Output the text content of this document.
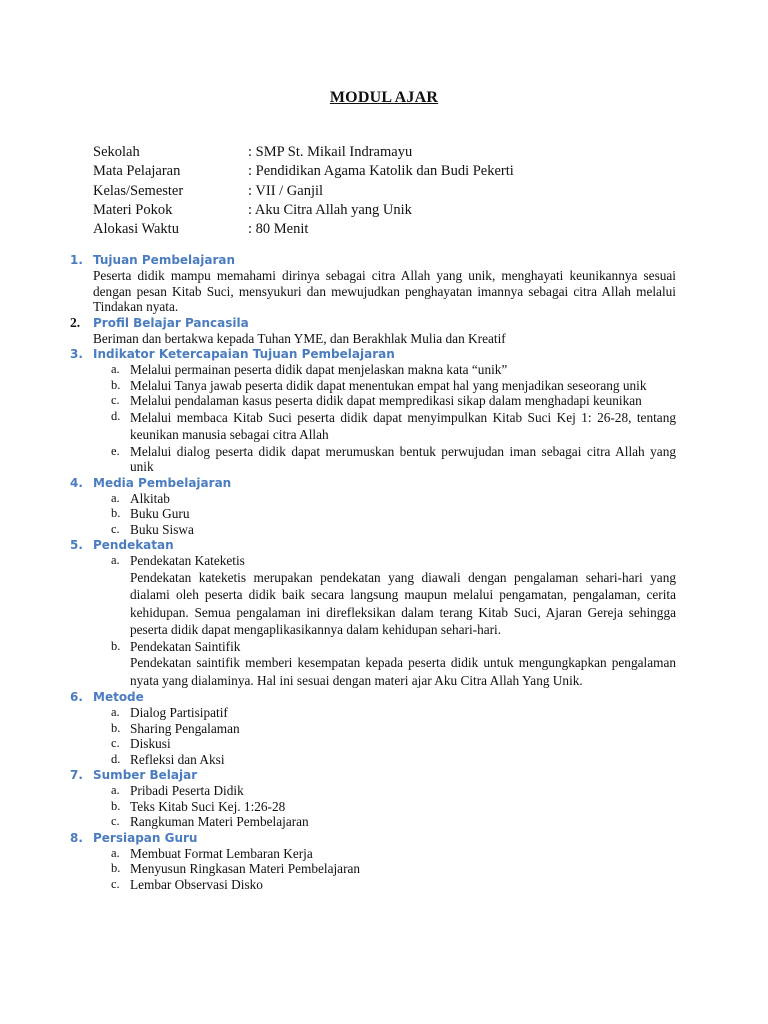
MODUL AJAR
Sekolah	: SMP St. Mikail Indramayu
Mata Pelajaran	: Pendidikan Agama Katolik dan Budi Pekerti
Kelas/Semester	: VII / Ganjil
Materi Pokok	: Aku Citra Allah yang Unik
Alokasi Waktu	: 80 Menit
1. Tujuan Pembelajaran
Peserta didik mampu memahami dirinya sebagai citra Allah yang unik, menghayati keunikannya sesuai dengan pesan Kitab Suci, mensyukuri dan mewujudkan penghayatan imannya sebagai citra Allah melalui Tindakan nyata.
2. Profil Belajar Pancasila
Beriman dan bertakwa kepada Tuhan YME, dan Berakhlak Mulia dan Kreatif
3. Indikator Ketercapaian Tujuan Pembelajaran
a. Melalui permainan peserta didik dapat menjelaskan makna kata “unik”
b. Melalui Tanya jawab peserta didik dapat menentukan empat hal yang menjadikan seseorang unik
c. Melalui pendalaman kasus peserta didik dapat mempredikasi sikap dalam menghadapi keunikan
d. Melalui membaca Kitab Suci peserta didik dapat menyimpulkan Kitab Suci Kej 1: 26-28, tentang keunikan manusia sebagai citra Allah
e. Melalui dialog peserta didik dapat merumuskan bentuk perwujudan iman sebagai citra Allah yang unik
4. Media Pembelajaran
a. Alkitab
b. Buku Guru
c. Buku Siswa
5. Pendekatan
a. Pendekatan Kateketis
Pendekatan kateketis merupakan pendekatan yang diawali dengan pengalaman sehari-hari yang dialami oleh peserta didik baik secara langsung maupun melalui pengamatan, pengalaman, cerita kehidupan. Semua pengalaman ini direfleksikan dalam terang Kitab Suci, Ajaran Gereja sehingga peserta didik dapat mengaplikasikannya dalam kehidupan sehari-hari.
b. Pendekatan Saintifik
Pendekatan saintifik memberi kesempatan kepada peserta didik untuk mengungkapkan pengalaman nyata yang dialaminya. Hal ini sesuai dengan materi ajar Aku Citra Allah Yang Unik.
6. Metode
a. Dialog Partisipatif
b. Sharing Pengalaman
c. Diskusi
d. Refleksi dan Aksi
7. Sumber Belajar
a. Pribadi Peserta Didik
b. Teks Kitab Suci Kej. 1:26-28
c. Rangkuman Materi Pembelajaran
8. Persiapan Guru
a. Membuat Format Lembaran Kerja
b. Menyusun Ringkasan Materi Pembelajaran
c. Lembar Observasi Disko
